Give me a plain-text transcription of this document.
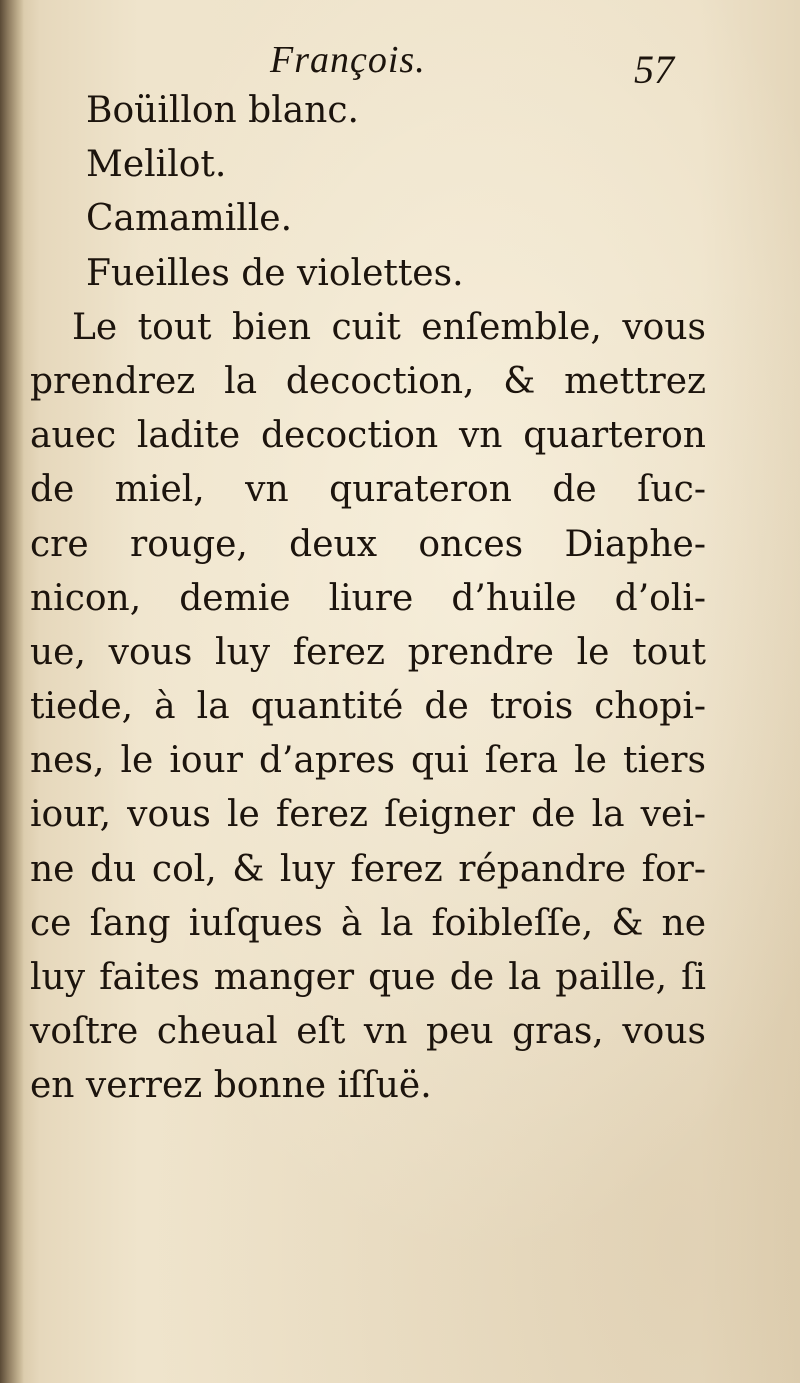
François.	57
Boüillon blanc.
Melilot.
Camamille.
Fueilles de violettes.
Le tout bien cuit enſemble, vous
prendrez la decoction, & mettrez
auec ladite decoction vn quarteron
de miel, vn qurateron de ſuc-
cre rouge, deux onces Diaphe-
nicon, demie liure d’huile d’oli-
ue, vous luy ferez prendre le tout
tiede, à la quantité de trois chopi-
nes, le iour d’apres qui ſera le tiers
iour, vous le ferez ſeigner de la vei-
ne du col, & luy ferez répandre for-
ce ſang iuſques à la foibleſſe, & ne
luy faites manger que de la paille, ſi
voſtre cheual eſt vn peu gras, vous
en verrez bonne iſſuë.
